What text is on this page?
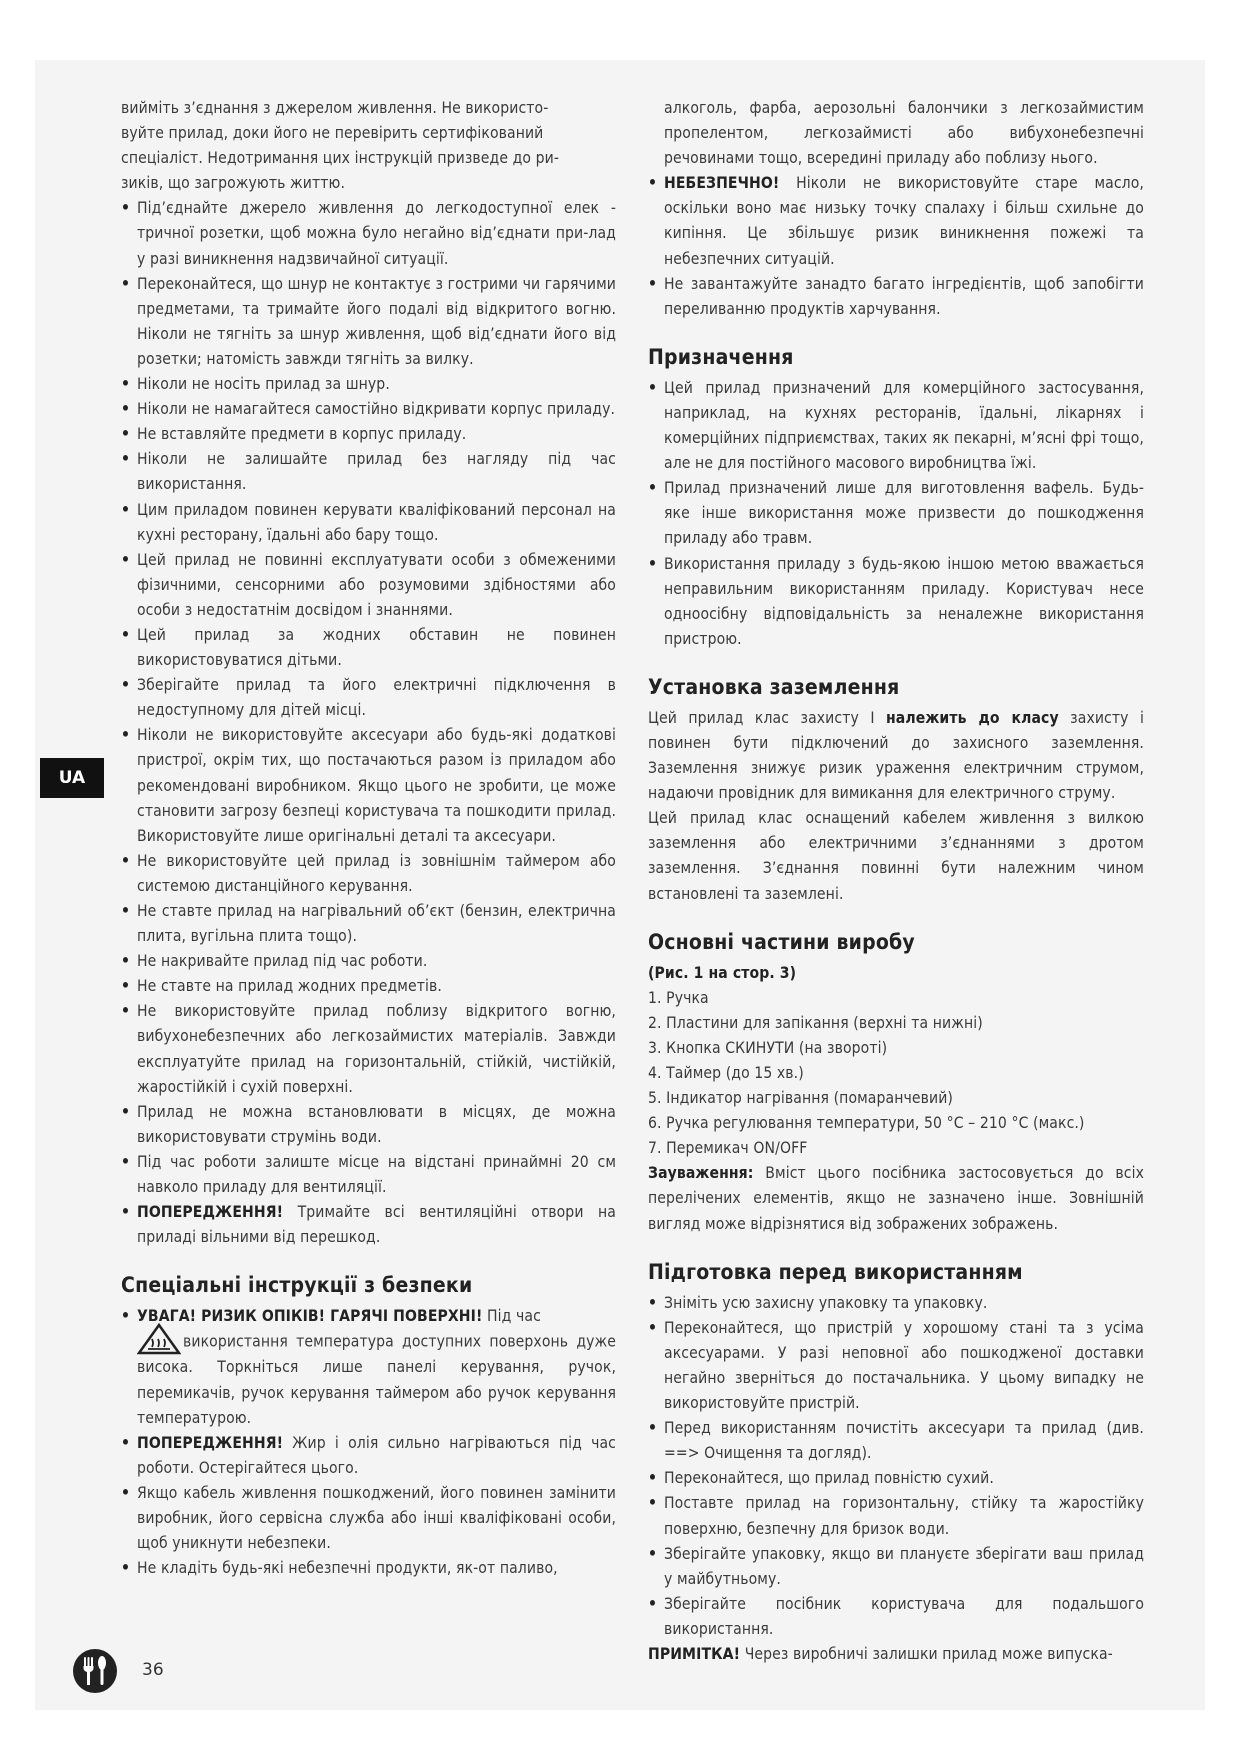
вийміть з’єднання з джерелом живлення. Не використо-

вуйте прилад, доки його не перевірить сертифікований

спеціаліст. Недотримання цих інструкцій призведе до ри-

зиків, що загрожують життю.

• Під’єднайте джерело живлення до легкодоступної елек - тричної розетки, щоб можна було негайно від’єднати при-лад у разі виникнення надзвичайної ситуації.
• Переконайтеся, що шнур не контактує з гострими чи гарячими предметами, та тримайте його подалі від відкритого вогню. Ніколи не тягніть за шнур живлення, щоб від’єднати його від розетки; натомість завжди тягніть за вилку.
• Ніколи не носіть прилад за шнур.
• Ніколи не намагайтеся самостійно відкривати корпус приладу.
• Не вставляйте предмети в корпус приладу.
• Ніколи не залишайте прилад без нагляду під час використання.
• Цим приладом повинен керувати кваліфікований персонал на кухні ресторану, їдальні або бару тощо.
• Цей прилад не повинні експлуатувати особи з обмеженими фізичними, сенсорними або розумовими здібностями або особи з недостатнім досвідом і знаннями.
• Цей прилад за жодних обставин не повинен використовуватися дітьми.
• Зберігайте прилад та його електричні підключення в недоступному для дітей місці.
• Ніколи не використовуйте аксесуари або будь-які додаткові пристрої, окрім тих, що постачаються разом із приладом або рекомендовані виробником. Якщо цього не зробити, це може становити загрозу безпеці користувача та пошкодити прилад. Використовуйте лише оригінальні деталі та аксесуари.
• Не використовуйте цей прилад із зовнішнім таймером або системою дистанційного керування.
• Не ставте прилад на нагрівальний об’єкт (бензин, електрична плита, вугільна плита тощо).
• Не накривайте прилад під час роботи.
• Не ставте на прилад жодних предметів.
• Не використовуйте прилад поблизу відкритого вогню, вибухонебезпечних або легкозаймистих матеріалів. Завжди експлуатуйте прилад на горизонтальній, стійкій, чистійкій, жаростійкій і сухій поверхні.
• Прилад не можна встановлювати в місцях, де можна використовувати струмінь води.
• Під час роботи залиште місце на відстані принаймні 20 см навколо приладу для вентиляції.
• ПОПЕРЕДЖЕННЯ! Тримайте всі вентиляційні отвори на приладі вільними від перешкод.
Спеціальні інструкції з безпеки
• УВАГА! РИЗИК ОПІКІВ! ГАРЯЧІ ПОВЕРХНІ! Під час
використання температура доступних поверхонь дуже висока. Торкніться лише панелі керування, ручок, перемикачів, ручок керування таймером або ручок керування температурою.
• ПОПЕРЕДЖЕННЯ! Жир і олія сильно нагріваються під час роботи. Остерігайтеся цього.
• Якщо кабель живлення пошкоджений, його повинен замінити виробник, його сервісна служба або інші кваліфіковані особи, щоб уникнути небезпеки.
• Не кладіть будь-які небезпечні продукти, як-от паливо,

алкоголь, фарба, аерозольні балончики з легкозаймистим пропелентом, легкозаймисті або вибухонебезпечні речовинами тощо, всередині приладу або поблизу нього.

• НЕБЕЗПЕЧНО! Ніколи не використовуйте старе масло, оскільки воно має низьку точку спалаху і більш схильне до кипіння. Це збільшує ризик виникнення пожежі та небезпечних ситуацій.
• Не завантажуйте занадто багато інгредієнтів, щоб запобігти переливанню продуктів харчування.
Призначення
• Цей прилад призначений для комерційного застосування, наприклад, на кухнях ресторанів, їдальні, лікарнях і комерційних підприємствах, таких як пекарні, м’ясні фрі тощо, але не для постійного масового виробництва їжі.
• Прилад призначений лише для виготовлення вафель. Будь-яке інше використання може призвести до пошкодження приладу або травм.
• Використання приладу з будь-якою іншою метою вважається неправильним використанням приладу. Користувач несе одноосібну відповідальність за неналежне використання пристрою.
Установка заземлення

Цей прилад клас захисту I належить до класу захисту і повинен бути підключений до захисного заземлення. Заземлення знижує ризик ураження електричним струмом, надаючи провідник для вимикання для електричного струму.

Цей прилад клас оснащений кабелем живлення з вилкою заземлення або електричними з’єднаннями з дротом заземлення. З’єднання повинні бути належним чином встановлені та заземлені.

Основні частини виробу

(Рис. 1 на стор. 3)

1. Ручка

2. Пластини для запікання (верхні та нижні)

3. Кнопка СКИНУТИ (на звороті)

4. Таймер (до 15 хв.)

5. Індикатор нагрівання (помаранчевий)

6. Ручка регулювання температури, 50 °C – 210 °C (макс.)

7. Перемикач ON/OFF

Зауваження: Вміст цього посібника застосовується до всіх перелічених елементів, якщо не зазначено інше. Зовнішній вигляд може відрізнятися від зображених зображень.

Підготовка перед використанням
• Зніміть усю захисну упаковку та упаковку.
• Переконайтеся, що пристрій у хорошому стані та з усіма аксесуарами. У разі неповної або пошкодженої доставки негайно зверніться до постачальника. У цьому випадку не використовуйте пристрій.
• Перед використанням почистіть аксесуари та прилад (див. ==> Очищення та догляд).
• Переконайтеся, що прилад повністю сухий.
• Поставте прилад на горизонтальну, стійку та жаростійку поверхню, безпечну для бризок води.
• Зберігайте упаковку, якщо ви плануєте зберігати ваш прилад у майбутньому.
• Зберігайте посібник користувача для подальшого використання.

ПРИМІТКА! Через виробничі залишки прилад може випуска-

UA
36
